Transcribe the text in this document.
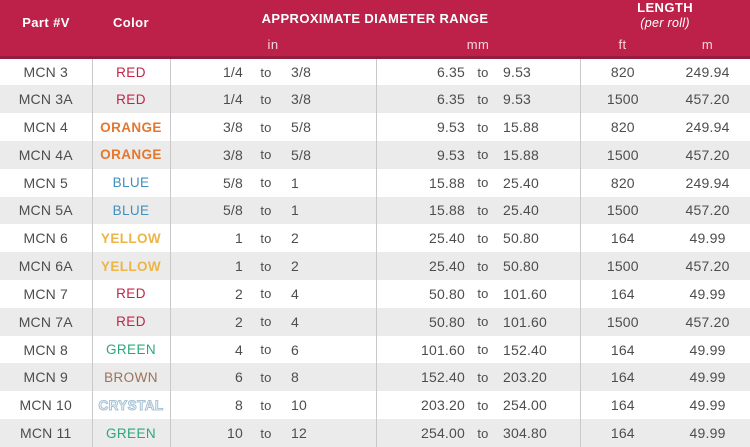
Part #V	Color	APPROXIMATE DIAMETER RANGE						LENGTH
(per roll)	

		in			mm			ft	m
MCN 3	RED	1/4	to	3/8	6.35	to	9.53	820	249.94
MCN 3A	RED	1/4	to	3/8	6.35	to	9.53	1500	457.20
MCN 4	ORANGE	3/8	to	5/8	9.53	to	15.88	820	249.94
MCN 4A	ORANGE	3/8	to	5/8	9.53	to	15.88	1500	457.20
MCN 5	BLUE	5/8	to	1	15.88	to	25.40	820	249.94
MCN 5A	BLUE	5/8	to	1	15.88	to	25.40	1500	457.20
MCN 6	YELLOW	1	to	2	25.40	to	50.80	164	49.99
MCN 6A	YELLOW	1	to	2	25.40	to	50.80	1500	457.20
MCN 7	RED	2	to	4	50.80	to	101.60	164	49.99
MCN 7A	RED	2	to	4	50.80	to	101.60	1500	457.20
MCN 8	GREEN	4	to	6	101.60	to	152.40	164	49.99
MCN 9	BROWN	6	to	8	152.40	to	203.20	164	49.99
MCN 10	CRYSTAL	8	to	10	203.20	to	254.00	164	49.99
MCN 11	GREEN	10	to	12	254.00	to	304.80	164	49.99
